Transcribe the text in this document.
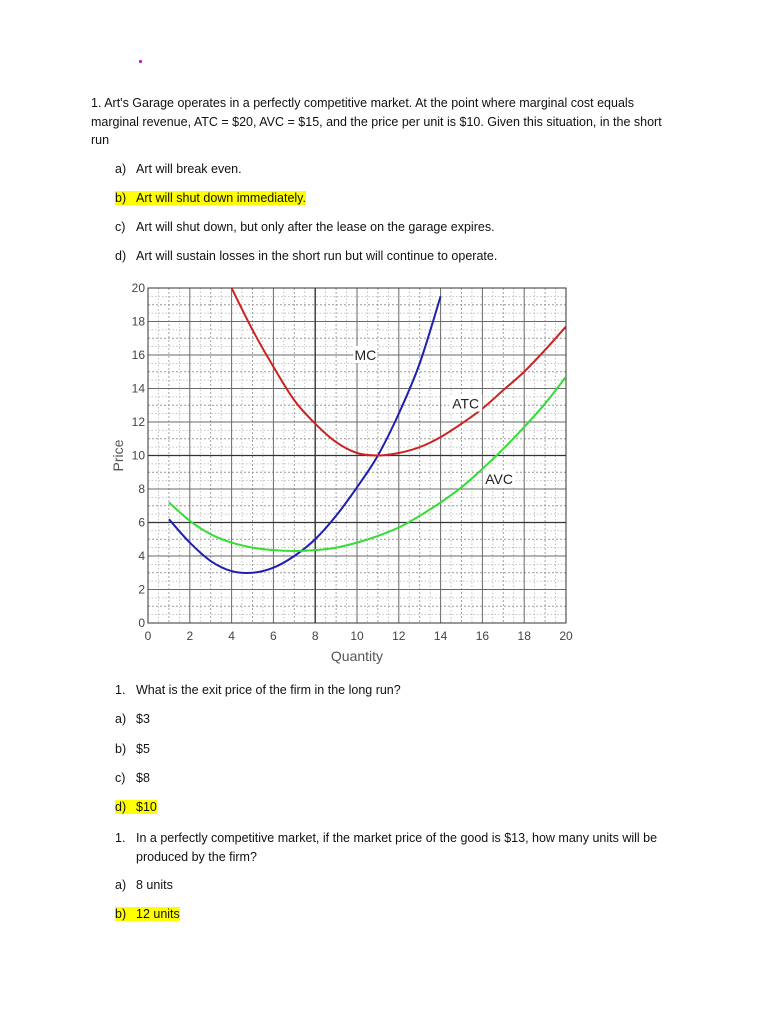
1. Art's Garage operates in a perfectly competitive market. At the point where marginal cost equals marginal revenue, ATC = $20, AVC = $15, and the price per unit is $10. Given this situation, in the short run
a) Art will break even.
b) Art will shut down immediately.
c) Art will shut down, but only after the lease on the garage expires.
d) Art will sustain losses in the short run but will continue to operate.
0	2	4	6	8	10 12 14 16 18 20
0
2
4
6
8
10
12
14
16
18
20
Quantity
Price
MC
ATC
AVC
1. What is the exit price of the firm in the long run?
a) $3
b) $5
c) $8
d) $10
1. In a perfectly competitive market, if the market price of the good is $13, how many units will be produced by the firm?
a) 8 units
b) 12 units
